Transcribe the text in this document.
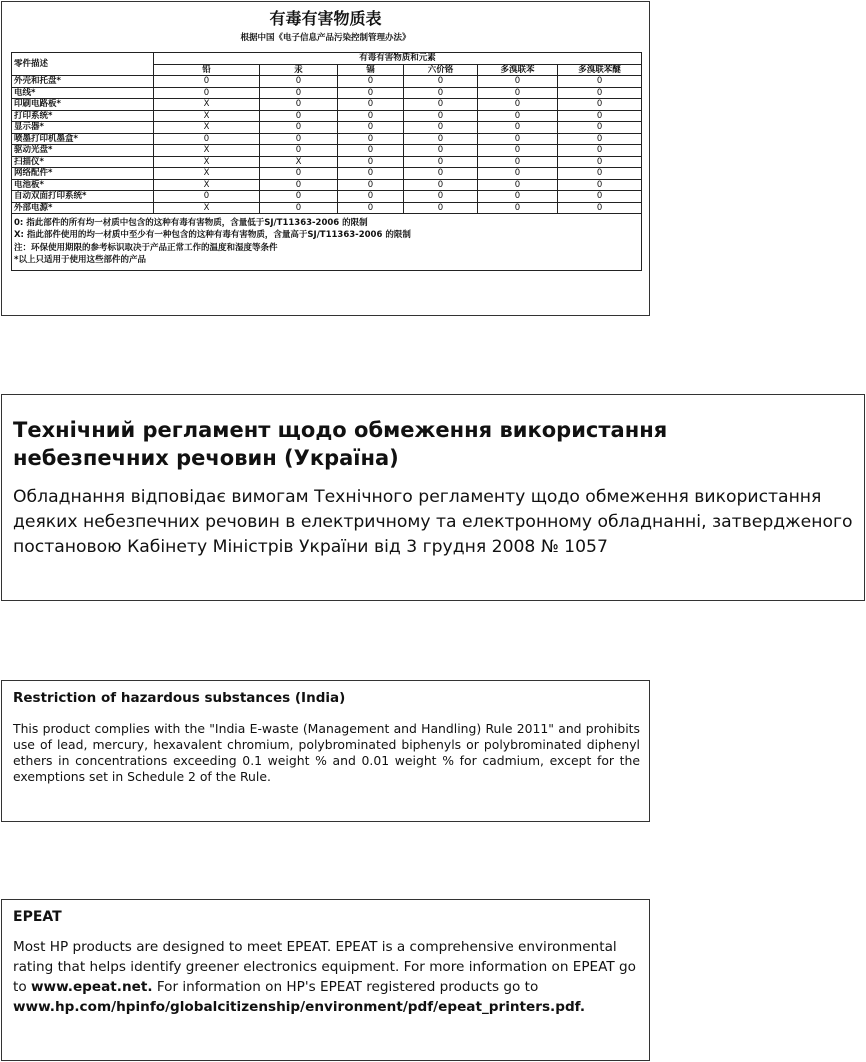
有毒有害物质表
根据中国《电子信息产品污染控制管理办法》
零件描述	有毒有害物质和元素					
	铅	汞	镉	六价铬	多溴联苯	多溴联苯醚
外壳和托盘*	0	0	0	0	0	0
电线*	0	0	0	0	0	0
印刷电路板*	X	0	0	0	0	0
打印系统*	X	0	0	0	0	0
显示器*	X	0	0	0	0	0
喷墨打印机墨盒*	0	0	0	0	0	0
驱动光盘*	X	0	0	0	0	0
扫描仪*	X	X	0	0	0	0
网络配件*	X	0	0	0	0	0
电池板*	X	0	0	0	0	0
自动双面打印系统*	0	0	0	0	0	0
外部电源*	X	0	0	0	0	0

0: 指此部件的所有均一材质中包含的这种有毒有害物质，含量低于SJ/T11363-2006 的限制
X: 指此部件使用的均一材质中至少有一种包含的这种有毒有害物质，含量高于SJ/T11363-2006 的限制
注：环保使用期限的参考标识取决于产品正常工作的温度和湿度等条件
*以上只适用于使用这些部件的产品						
Технічний регламент щодо обмеження використання небезпечних речовин (Україна)
Обладнання відповідає вимогам Технічного регламенту щодо обмеження використання деяких небезпечних речовин в електричному та електронному обладнанні, затвердженого постановою Кабінету Міністрів України від 3 грудня 2008 № 1057
Restriction of hazardous substances (India)
This product complies with the "India E-waste (Management and Handling) Rule 2011" and prohibits use of lead, mercury, hexavalent chromium, polybrominated biphenyls or polybrominated diphenyl ethers in concentrations exceeding 0.1 weight % and 0.01 weight % for cadmium, except for the exemptions set in Schedule 2 of the Rule.
EPEAT
Most HP products are designed to meet EPEAT. EPEAT is a comprehensive environmental rating that helps identify greener electronics equipment. For more information on EPEAT go to www.epeat.net. For information on HP's EPEAT registered products go to www.hp.com/hpinfo/globalcitizenship/environment/pdf/epeat_printers.pdf.
